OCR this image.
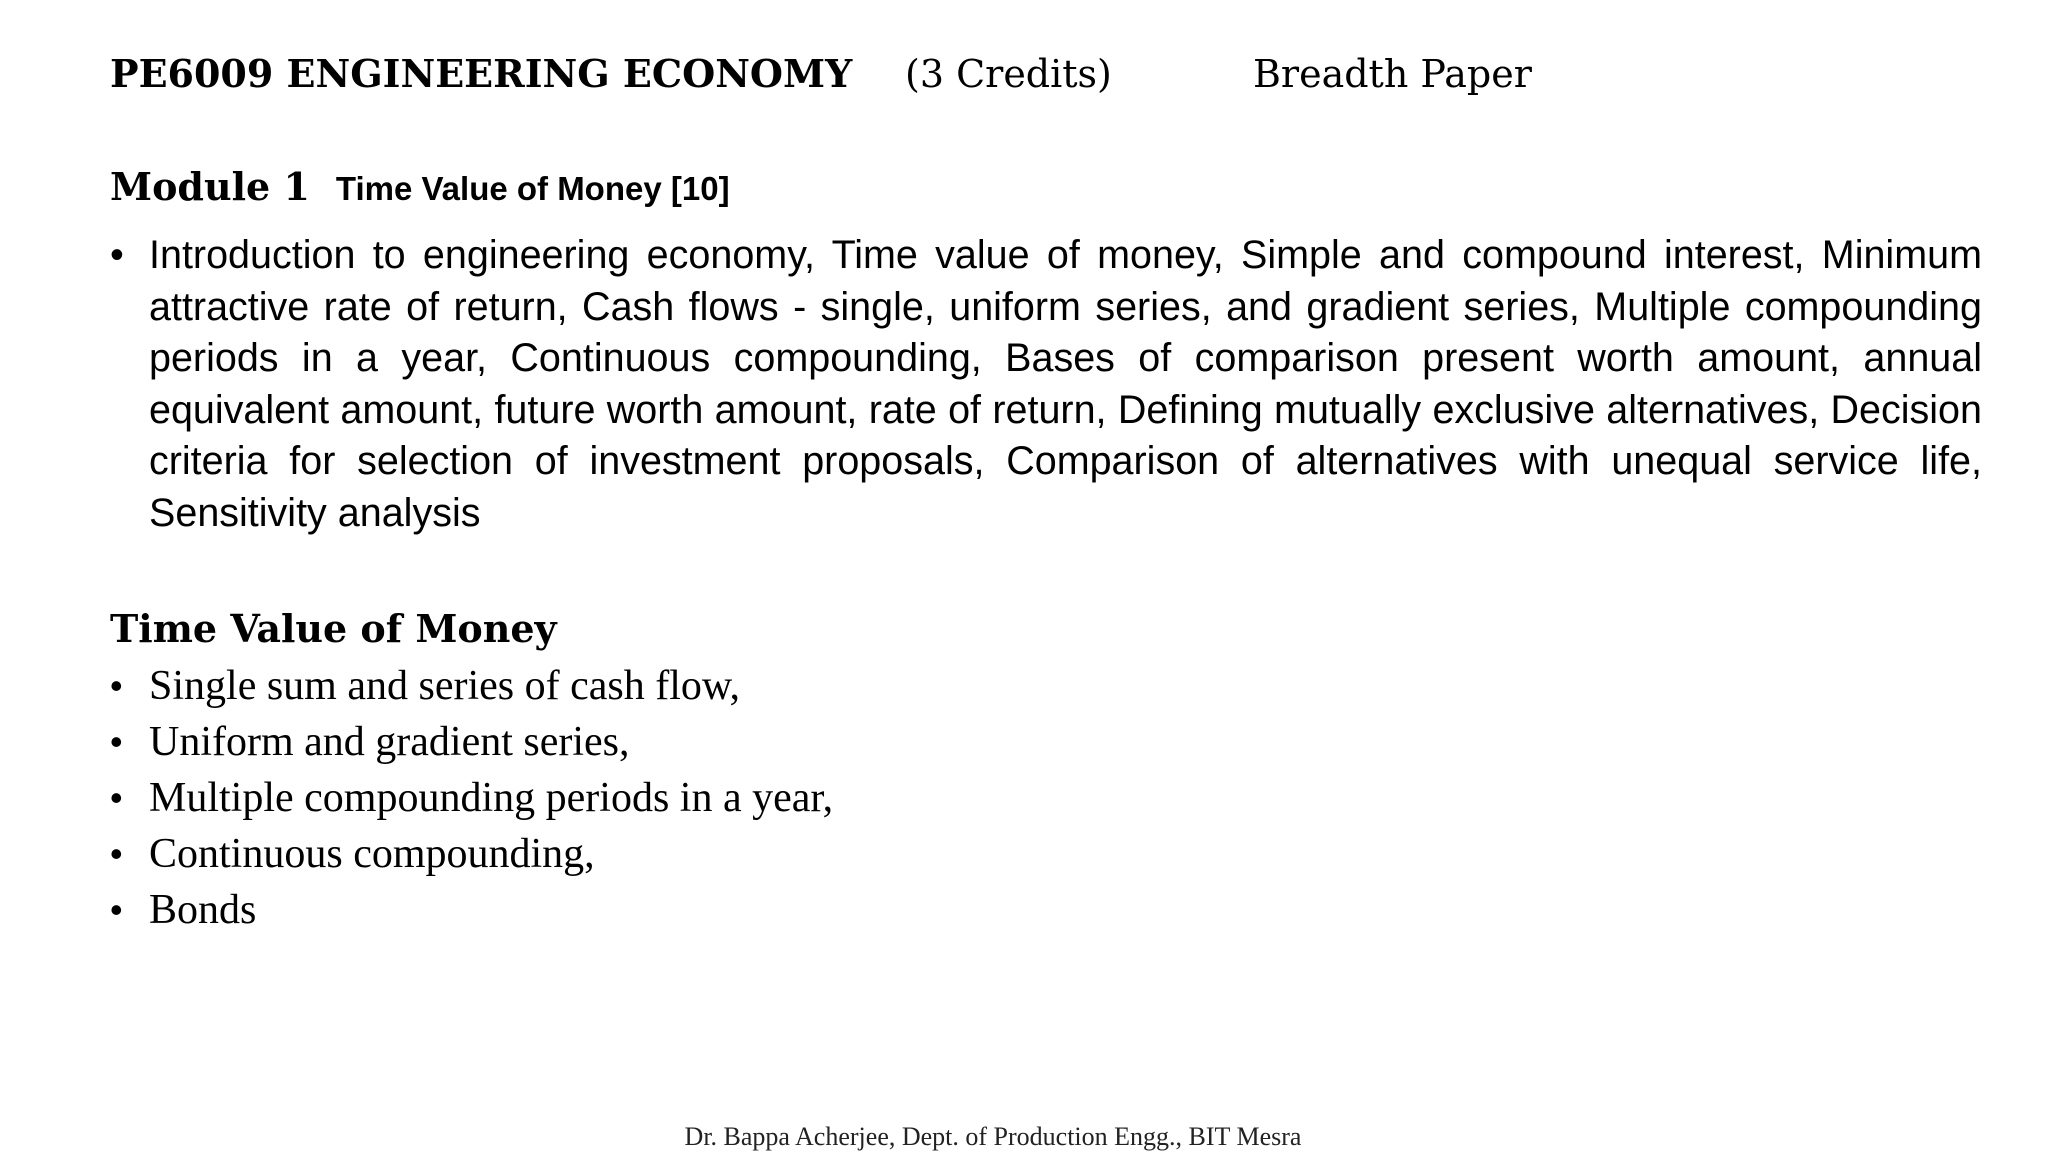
PE6009 ENGINEERING ECONOMY (3 Credits)	Breadth Paper
Module 1 Time Value of Money [10]
• Introduction to engineering economy, Time value of money, Simple and compound interest, Minimum attractive rate of return, Cash flows - single, uniform series, and gradient series, Multiple compounding periods in a year, Continuous compounding, Bases of comparison present worth amount, annual equivalent amount, future worth amount, rate of return, Defining mutually exclusive alternatives, Decision criteria for selection of investment proposals, Comparison of alternatives with unequal service life, Sensitivity analysis
Time Value of Money
• Single sum and series of cash flow,
• Uniform and gradient series,
• Multiple compounding periods in a year,
• Continuous compounding,
• Bonds
Dr. Bappa Acherjee, Dept. of Production Engg., BIT Mesra
